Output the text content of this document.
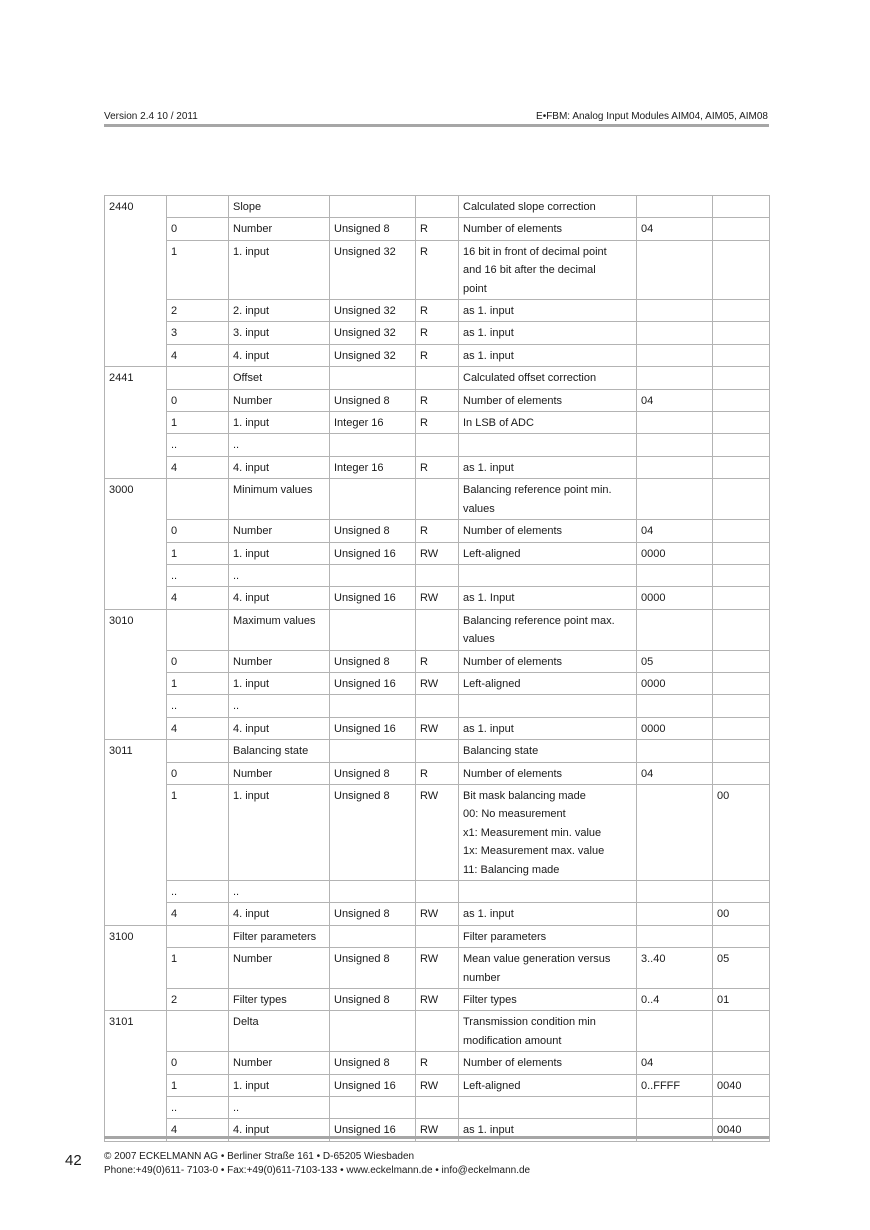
Version 2.4 10 / 2011	E•FBM: Analog Input Modules AIM04, AIM05, AIM08
2440		Slope			Calculated slope correction		
	0	Number	Unsigned 8	R	Number of elements	04	
	1	1. input	Unsigned 32	R	16 bit in front of decimal point
and 16 bit after the decimal
point		
	2	2. input	Unsigned 32	R	as 1. input		
	3	3. input	Unsigned 32	R	as 1. input		
	4	4. input	Unsigned 32	R	as 1. input		
2441		Offset			Calculated offset correction		
	0	Number	Unsigned 8	R	Number of elements	04	
	1	1. input	Integer 16	R	In LSB of ADC		
	..	..					
	4	4. input	Integer 16	R	as 1. input		
3000		Minimum values			Balancing reference point min.
values		
	0	Number	Unsigned 8	R	Number of elements	04	
	1	1. input	Unsigned 16	RW	Left-aligned	0000	
	..	..					
	4	4. input	Unsigned 16	RW	as 1. Input	0000	
3010		Maximum values			Balancing reference point max.
values		
	0	Number	Unsigned 8	R	Number of elements	05	
	1	1. input	Unsigned 16	RW	Left-aligned	0000	
	..	..					
	4	4. input	Unsigned 16	RW	as 1. input	0000	
3011		Balancing state			Balancing state		
	0	Number	Unsigned 8	R	Number of elements	04	
	1	1. input	Unsigned 8	RW	Bit mask balancing made
00: No measurement
x1: Measurement min. value
1x: Measurement max. value
11: Balancing made		00
	..	..					
	4	4. input	Unsigned 8	RW	as 1. input		00
3100		Filter parameters			Filter parameters		
	1	Number	Unsigned 8	RW	Mean value generation versus
number	3..40	05
	2	Filter types	Unsigned 8	RW	Filter types	0..4	01
3101		Delta			Transmission condition min
modification amount		
	0	Number	Unsigned 8	R	Number of elements	04	
	1	1. input	Unsigned 16	RW	Left-aligned	0..FFFF	0040
	..	..					
	4	4. input	Unsigned 16	RW	as 1. input		0040
42 © 2007 ECKELMANN AG • Berliner Straße 161 • D-65205 Wiesbaden
Phone:+49(0)611- 7103-0 • Fax:+49(0)611-7103-133 • www.eckelmann.de • info@eckelmann.de
